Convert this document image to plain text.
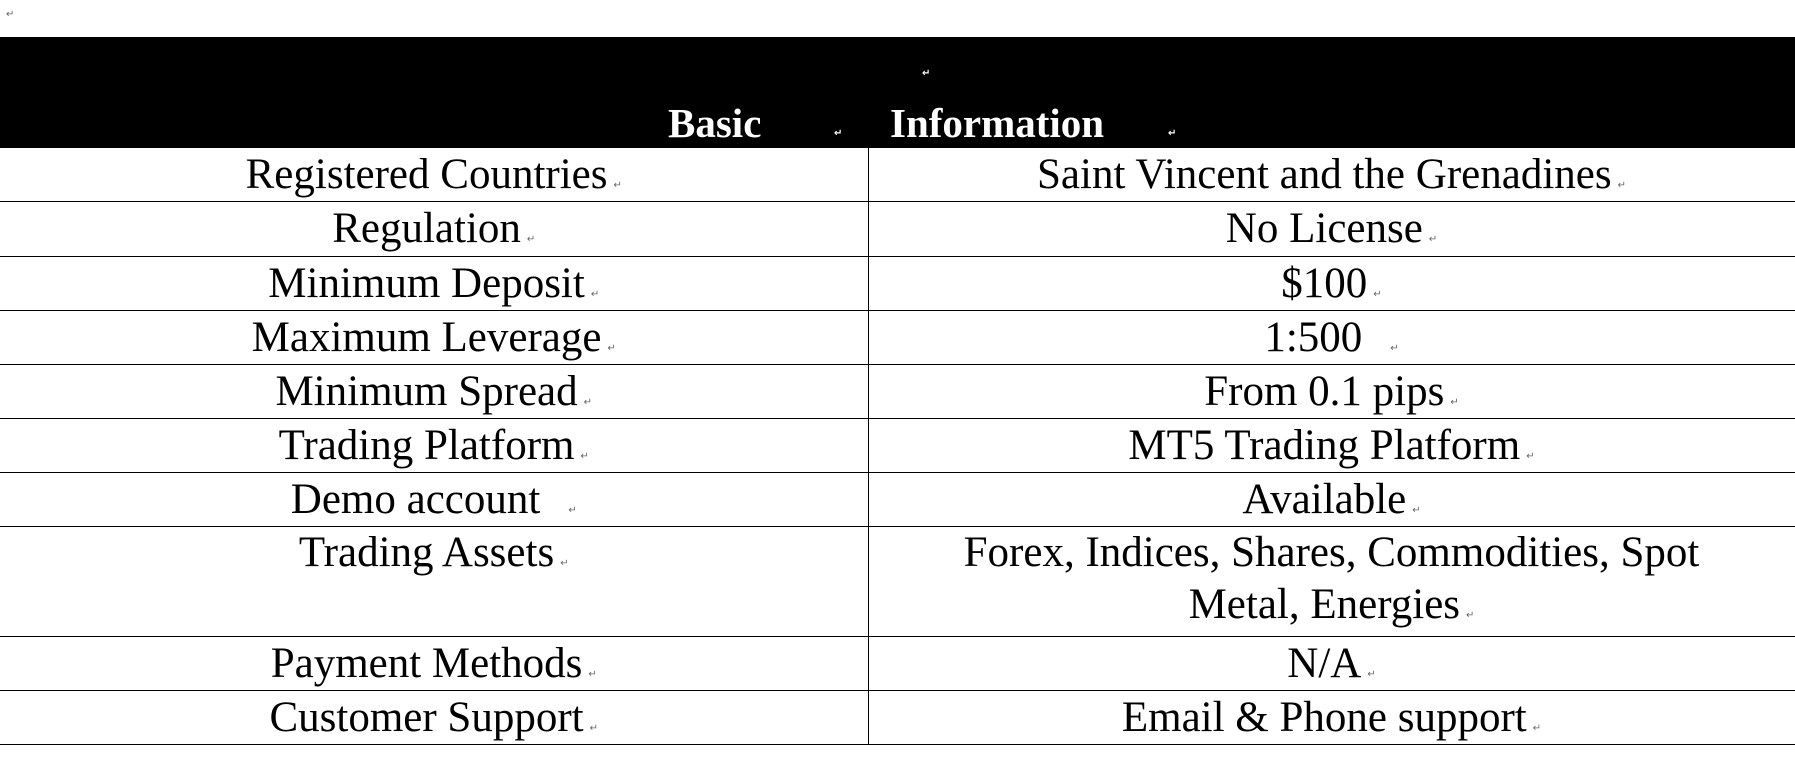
↵
↵
Basic ↵ Information ↵	

Registered Countries ↵	Saint Vincent and the Grenadines ↵
Regulation ↵	No License ↵
Minimum Deposit ↵	$100 ↵
Maximum Leverage ↵	1:500 ↵
Minimum Spread ↵	From 0.1 pips ↵
Trading Platform ↵	MT5 Trading Platform ↵
Demo account ↵	Available ↵
Trading Assets ↵	Forex, Indices, Shares, Commodities, Spot Metal, Energies ↵
Payment Methods ↵	N/A ↵
Customer Support ↵	Email & Phone support ↵
